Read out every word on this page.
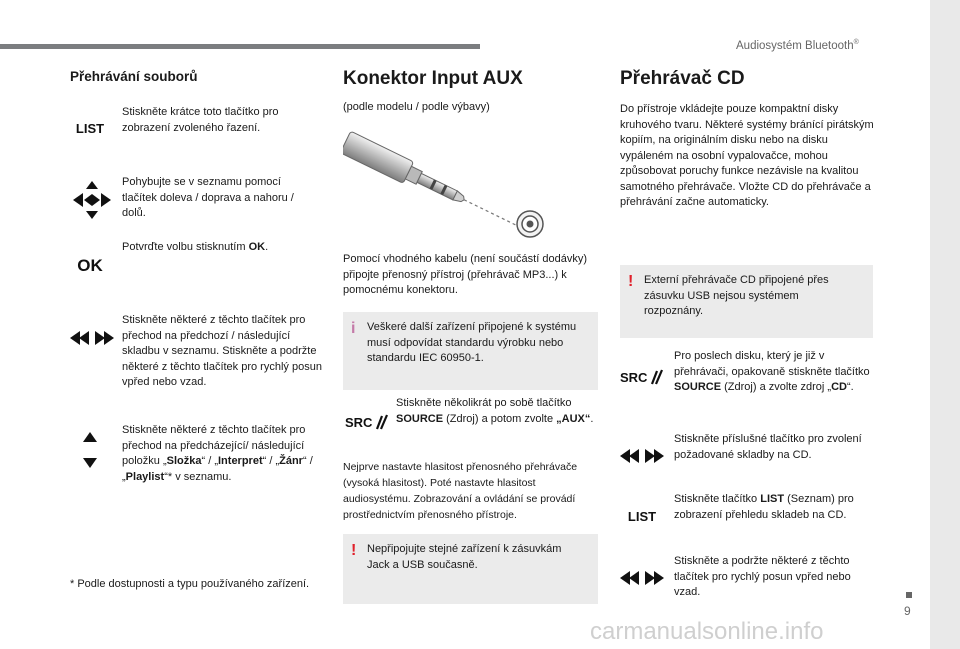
Audiosystém Bluetooth®
9
Přehrávání souborů
LIST
Stiskněte krátce toto tlačítko pro zobrazení zvoleného řazení.
Pohybujte se v seznamu pomocí tlačítek doleva / doprava a nahoru / dolů.
OK
Potvrďte volbu stisknutím OK.
Stiskněte některé z těchto tlačítek pro přechod na předchozí / následující skladbu v seznamu. Stiskněte a podržte některé z těchto tlačítek pro rychlý posun vpřed nebo vzad.
Stiskněte některé z těchto tlačítek pro přechod na předcházející/ následující položku „Složka“ / „Interpret“ / „Žánr“ / „Playlist“* v seznamu.
* Podle dostupnosti a typu používaného zařízení.
Konektor Input AUX
(podle modelu / podle výbavy)
Pomocí vhodného kabelu (není součástí dodávky) připojte přenosný přístroj (přehrávač MP3...) k pomocnému konektoru.
i Veškeré další zařízení připojené k systému musí odpovídat standardu výrobku nebo standardu IEC 60950-1.
SRC
Stiskněte několikrát po sobě tlačítko SOURCE (Zdroj) a potom zvolte „AUX“.
Nejprve nastavte hlasitost přenosného přehrávače (vysoká hlasitost). Poté nastavte hlasitost audiosystému. Zobrazování a ovládání se provádí prostřednictvím přenosného přístroje.
! Nepřipojujte stejné zařízení k zásuvkám Jack a USB současně.
Přehrávač CD
Do přístroje vkládejte pouze kompaktní disky kruhového tvaru. Některé systémy bránící pirátským kopiím, na originálním disku nebo na disku vypáleném na osobní vypalovačce, mohou způsobovat poruchy funkce nezávisle na kvalitou samotného přehrávače. Vložte CD do přehrávače a přehrávání začne automaticky.
! Externí přehrávače CD připojené přes zásuvku USB nejsou systémem rozpoznány.
SRC
Pro poslech disku, který je již v přehrávači, opakovaně stiskněte tlačítko SOURCE (Zdroj) a zvolte zdroj „CD“.
Stiskněte příslušné tlačítko pro zvolení požadované skladby na CD.
LIST
Stiskněte tlačítko LIST (Seznam) pro zobrazení přehledu skladeb na CD.
Stiskněte a podržte některé z těchto tlačítek pro rychlý posun vpřed nebo vzad.
carmanualsonline.info
